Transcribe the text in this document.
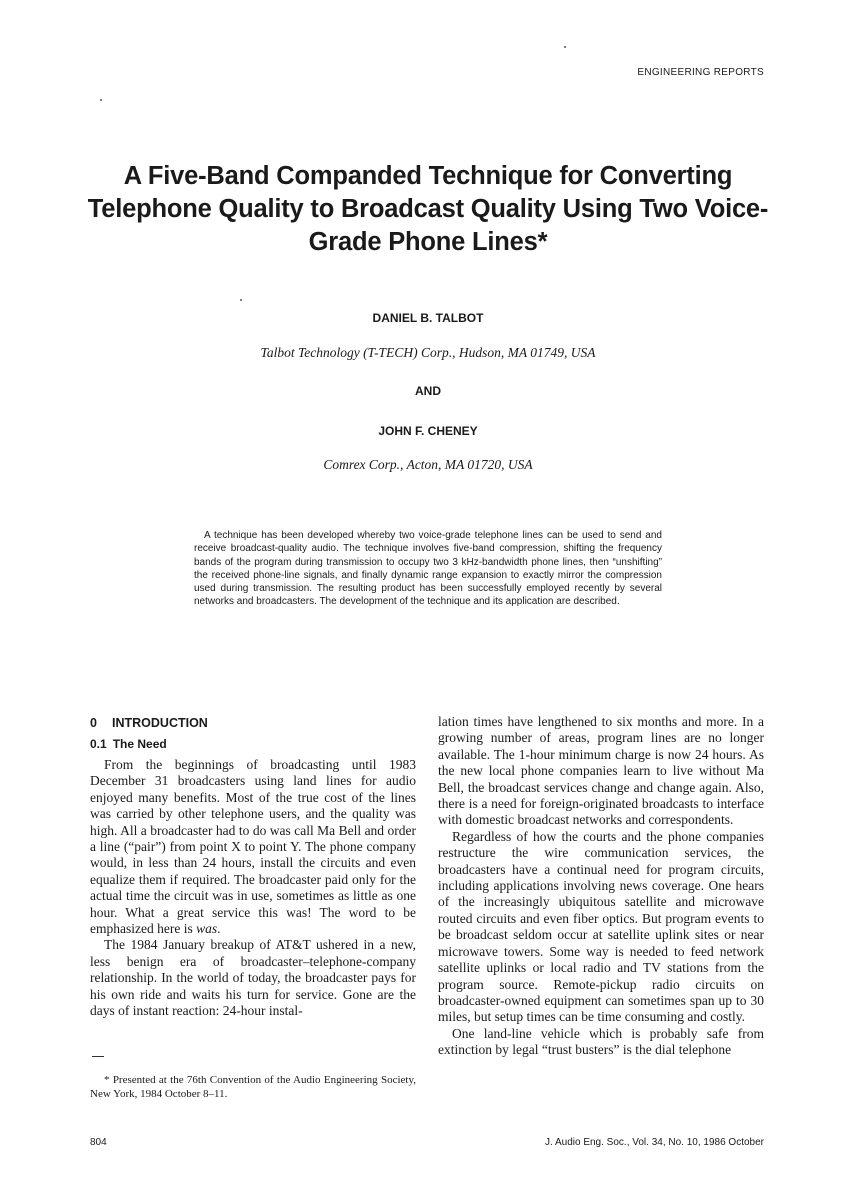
ENGINEERING REPORTS
A Five-Band Companded Technique for Converting Telephone Quality to Broadcast Quality Using Two Voice-Grade Phone Lines*
DANIEL B. TALBOT
Talbot Technology (T-TECH) Corp., Hudson, MA 01749, USA
AND
JOHN F. CHENEY
Comrex Corp., Acton, MA 01720, USA

A technique has been developed whereby two voice-grade telephone lines can be used to send and receive broadcast-quality audio. The technique involves five-band compression, shifting the frequency bands of the program during transmission to occupy two 3 kHz-bandwidth phone lines, then “unshifting” the received phone-line signals, and finally dynamic range expansion to exactly mirror the compression used during transmission. The resulting product has been successfully employed recently by several networks and broadcasters. The development of the technique and its application are described.

0 INTRODUCTION
0.1 The Need

From the beginnings of broadcasting until 1983 December 31 broadcasters using land lines for audio enjoyed many benefits. Most of the true cost of the lines was carried by other telephone users, and the quality was high. All a broadcaster had to do was call Ma Bell and order a line (“pair”) from point X to point Y. The phone company would, in less than 24 hours, install the circuits and even equalize them if required. The broadcaster paid only for the actual time the circuit was in use, sometimes as little as one hour. What a great service this was! The word to be emphasized here is was.

The 1984 January breakup of AT&T ushered in a new, less benign era of broadcaster–telephone-company relationship. In the world of today, the broadcaster pays for his own ride and waits his turn for service. Gone are the days of instant reaction: 24-hour instal-

lation times have lengthened to six months and more. In a growing number of areas, program lines are no longer available. The 1-hour minimum charge is now 24 hours. As the new local phone companies learn to live without Ma Bell, the broadcast services change and change again. Also, there is a need for foreign-originated broadcasts to interface with domestic broadcast networks and correspondents.

Regardless of how the courts and the phone companies restructure the wire communication services, the broadcasters have a continual need for program circuits, including applications involving news coverage. One hears of the increasingly ubiquitous satellite and microwave routed circuits and even fiber optics. But program events to be broadcast seldom occur at satellite uplink sites or near microwave towers. Some way is needed to feed network satellite uplinks or local radio and TV stations from the program source. Remote-pickup radio circuits on broadcaster-owned equipment can sometimes span up to 30 miles, but setup times can be time consuming and costly.

One land-line vehicle which is probably safe from extinction by legal “trust busters” is the dial telephone

* Presented at the 76th Convention of the Audio Engineering Society, New York, 1984 October 8–11.

804	J. Audio Eng. Soc., Vol. 34, No. 10, 1986 October
